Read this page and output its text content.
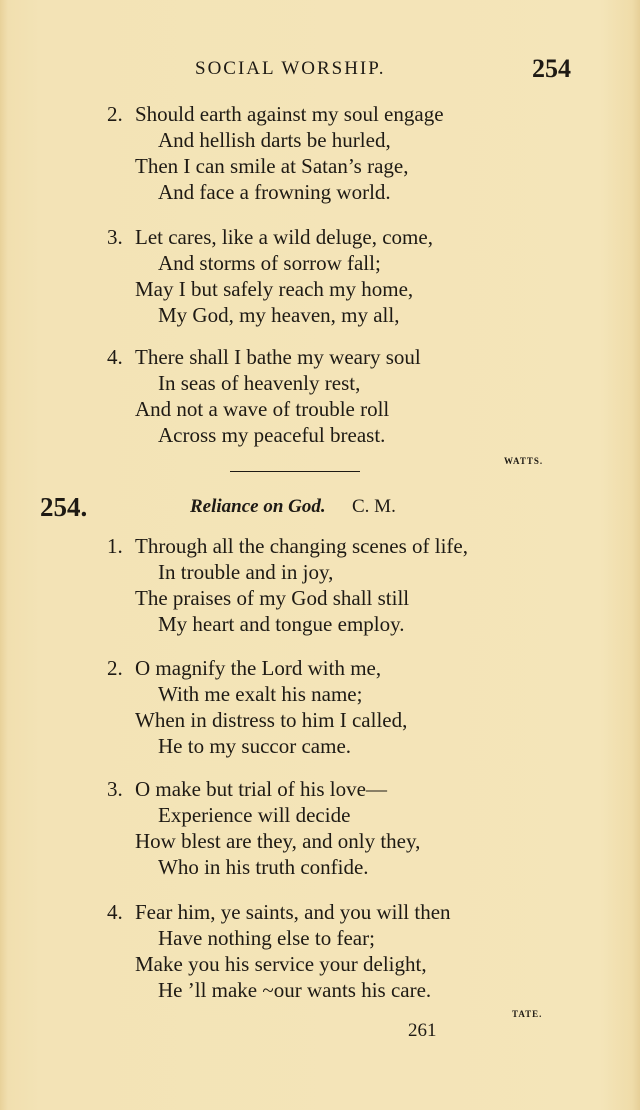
SOCIAL WORSHIP.	254
2. Should earth against my soul engage
And hellish darts be hurled,
Then I can smile at Satan’s rage,
And face a frowning world.
3. Let cares, like a wild deluge, come,
And storms of sorrow fall;
May I but safely reach my home,
My God, my heaven, my all,
4. There shall I bathe my weary soul
In seas of heavenly rest,
And not a wave of trouble roll
Across my peaceful breast.
WATTS.
254.	Reliance on God. C. M.
1. Through all the changing scenes of life,
In trouble and in joy,
The praises of my God shall still
My heart and tongue employ.
2. O magnify the Lord with me,
With me exalt his name;
When in distress to him I called,
He to my succor came.
3. O make but trial of his love—
Experience will decide
How blest are they, and only they,
Who in his truth confide.
4. Fear him, ye saints, and you will then
Have nothing else to fear;
Make you his service your delight,
He ’ll make ~our wants his care.
TATE.
261
